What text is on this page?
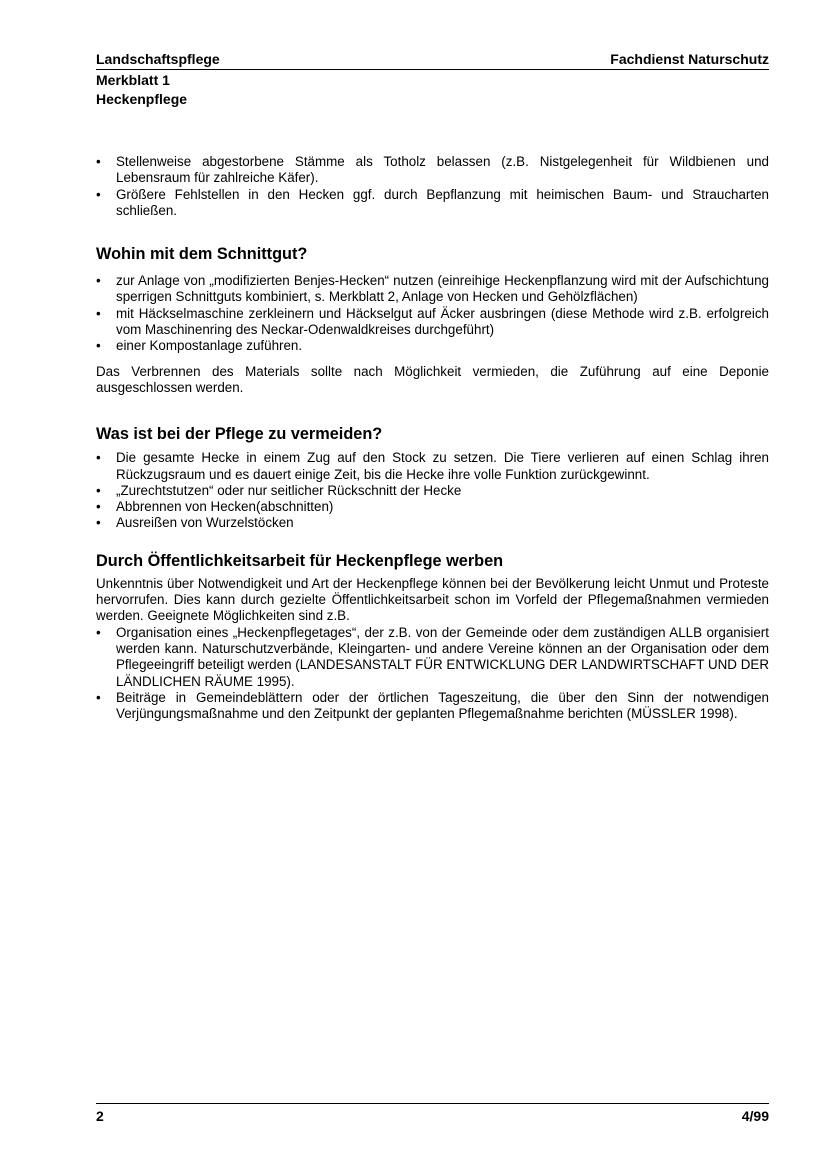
Landschaftspflege	Fachdienst Naturschutz
Merkblatt 1
Heckenpflege
• Stellenweise abgestorbene Stämme als Totholz belassen (z.B. Nistgelegenheit für Wildbienen und Lebensraum für zahlreiche Käfer).
• Größere Fehlstellen in den Hecken ggf. durch Bepflanzung mit heimischen Baum- und Straucharten schließen.
Wohin mit dem Schnittgut?
• zur Anlage von „modifizierten Benjes-Hecken“ nutzen (einreihige Heckenpflanzung wird mit der Aufschichtung sperrigen Schnittguts kombiniert, s. Merkblatt 2, Anlage von Hecken und Gehölzflächen)
• mit Häckselmaschine zerkleinern und Häckselgut auf Äcker ausbringen (diese Methode wird z.B. erfolgreich vom Maschinenring des Neckar-Odenwaldkreises durchgeführt)
• einer Kompostanlage zuführen.

Das Verbrennen des Materials sollte nach Möglichkeit vermieden, die Zuführung auf eine Deponie ausgeschlossen werden.

Was ist bei der Pflege zu vermeiden?
• Die gesamte Hecke in einem Zug auf den Stock zu setzen. Die Tiere verlieren auf einen Schlag ihren Rückzugsraum und es dauert einige Zeit, bis die Hecke ihre volle Funktion zurückgewinnt.
• „Zurechtstutzen“ oder nur seitlicher Rückschnitt der Hecke
• Abbrennen von Hecken(abschnitten)
• Ausreißen von Wurzelstöcken
Durch Öffentlichkeitsarbeit für Heckenpflege werben

Unkenntnis über Notwendigkeit und Art der Heckenpflege können bei der Bevölkerung leicht Unmut und Proteste hervorrufen. Dies kann durch gezielte Öffentlichkeitsarbeit schon im Vorfeld der Pflegemaßnahmen vermieden werden. Geeignete Möglichkeiten sind z.B.

• Organisation eines „Heckenpflegetages“, der z.B. von der Gemeinde oder dem zuständigen ALLB organisiert werden kann. Naturschutzverbände, Kleingarten- und andere Vereine können an der Organisation oder dem Pflegeeingriff beteiligt werden (LANDESANSTALT FÜR ENTWICKLUNG DER LANDWIRTSCHAFT UND DER LÄNDLICHEN RÄUME 1995).
• Beiträge in Gemeindeblättern oder der örtlichen Tageszeitung, die über den Sinn der notwendigen Verjüngungsmaßnahme und den Zeitpunkt der geplanten Pflegemaßnahme berichten (MÜSSLER 1998).
2	4/99
